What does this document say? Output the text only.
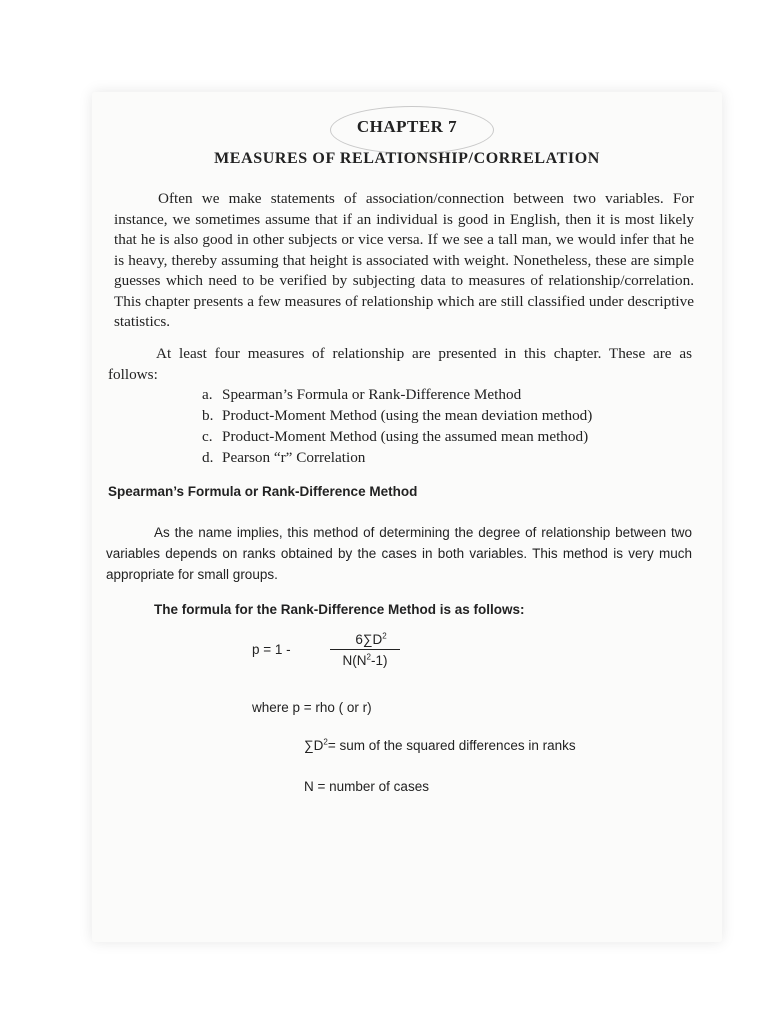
CHAPTER 7
MEASURES OF RELATIONSHIP/CORRELATION
Often we make statements of association/connection between two variables. For instance, we sometimes assume that if an individual is good in English, then it is most likely that he is also good in other subjects or vice versa. If we see a tall man, we would infer that he is heavy, thereby assuming that height is associated with weight. Nonetheless, these are simple guesses which need to be verified by subjecting data to measures of relationship/correlation. This chapter presents a few measures of relationship which are still classified under descriptive statistics.
At least four measures of relationship are presented in this chapter. These are as follows:
a. Spearman’s Formula or Rank-Difference Method
b. Product-Moment Method (using the mean deviation method)
c. Product-Moment Method (using the assumed mean method)
d. Pearson “r” Correlation
Spearman’s Formula or Rank-Difference Method
As the name implies, this method of determining the degree of relationship between two variables depends on ranks obtained by the cases in both variables. This method is very much appropriate for small groups.
The formula for the Rank-Difference Method is as follows:
p = 1 -	$\frac{6\sum D^2}{N(N^2-1)}$
where p = rho ( or r)
$\sum D^2=$ sum of the squared differences in ranks
N = number of cases
